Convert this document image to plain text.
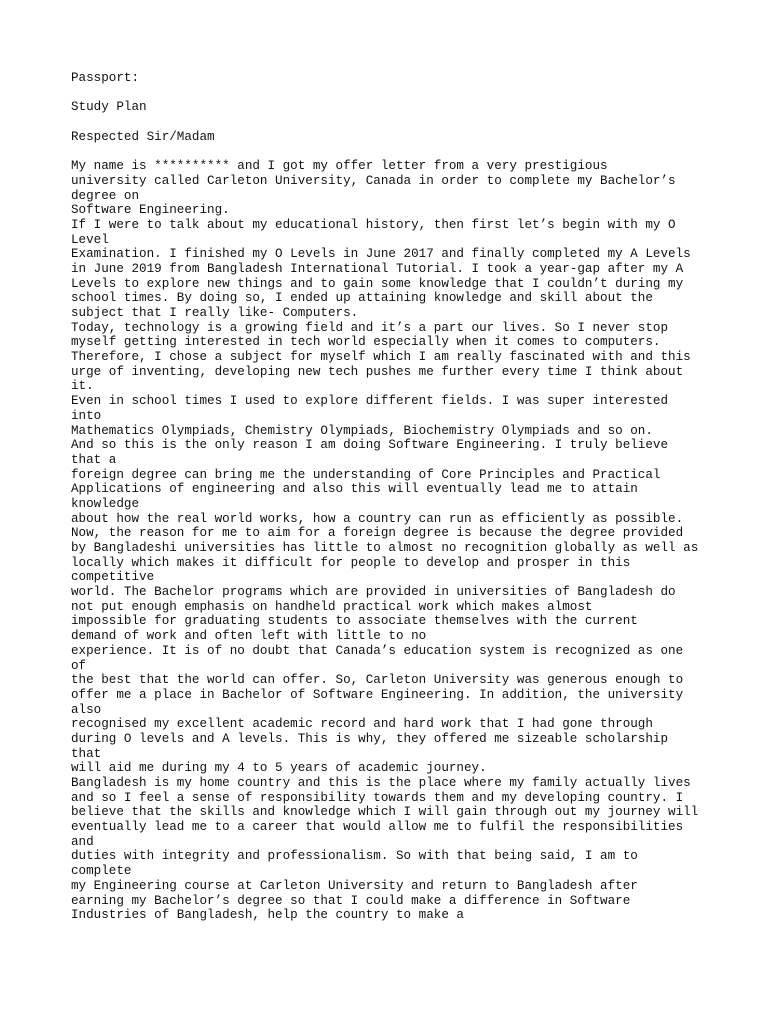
Passport:
Study Plan
Respected Sir/Madam
My name is ********** and I got my offer letter from a very prestigious
university called Carleton University, Canada in order to complete my Bachelor’s
degree on
Software Engineering.
If I were to talk about my educational history, then first let’s begin with my O
Level
Examination. I finished my O Levels in June 2017 and finally completed my A Levels
in June 2019 from Bangladesh International Tutorial. I took a year-gap after my A
Levels to explore new things and to gain some knowledge that I couldn’t during my
school times. By doing so, I ended up attaining knowledge and skill about the
subject that I really like- Computers.
Today, technology is a growing field and it’s a part our lives. So I never stop
myself getting interested in tech world especially when it comes to computers.
Therefore, I chose a subject for myself which I am really fascinated with and this
urge of inventing, developing new tech pushes me further every time I think about
it.
Even in school times I used to explore different fields. I was super interested
into
Mathematics Olympiads, Chemistry Olympiads, Biochemistry Olympiads and so on.
And so this is the only reason I am doing Software Engineering. I truly believe
that a
foreign degree can bring me the understanding of Core Principles and Practical
Applications of engineering and also this will eventually lead me to attain
knowledge
about how the real world works, how a country can run as efficiently as possible.
Now, the reason for me to aim for a foreign degree is because the degree provided
by Bangladeshi universities has little to almost no recognition globally as well as
locally which makes it difficult for people to develop and prosper in this
competitive
world. The Bachelor programs which are provided in universities of Bangladesh do
not put enough emphasis on handheld practical work which makes almost
impossible for graduating students to associate themselves with the current
demand of work and often left with little to no
experience. It is of no doubt that Canada’s education system is recognized as one
of
the best that the world can offer. So, Carleton University was generous enough to
offer me a place in Bachelor of Software Engineering. In addition, the university
also
recognised my excellent academic record and hard work that I had gone through
during O levels and A levels. This is why, they offered me sizeable scholarship
that
will aid me during my 4 to 5 years of academic journey.
Bangladesh is my home country and this is the place where my family actually lives
and so I feel a sense of responsibility towards them and my developing country. I
believe that the skills and knowledge which I will gain through out my journey will
eventually lead me to a career that would allow me to fulfil the responsibilities
and
duties with integrity and professionalism. So with that being said, I am to
complete
my Engineering course at Carleton University and return to Bangladesh after
earning my Bachelor’s degree so that I could make a difference in Software
Industries of Bangladesh, help the country to make a
